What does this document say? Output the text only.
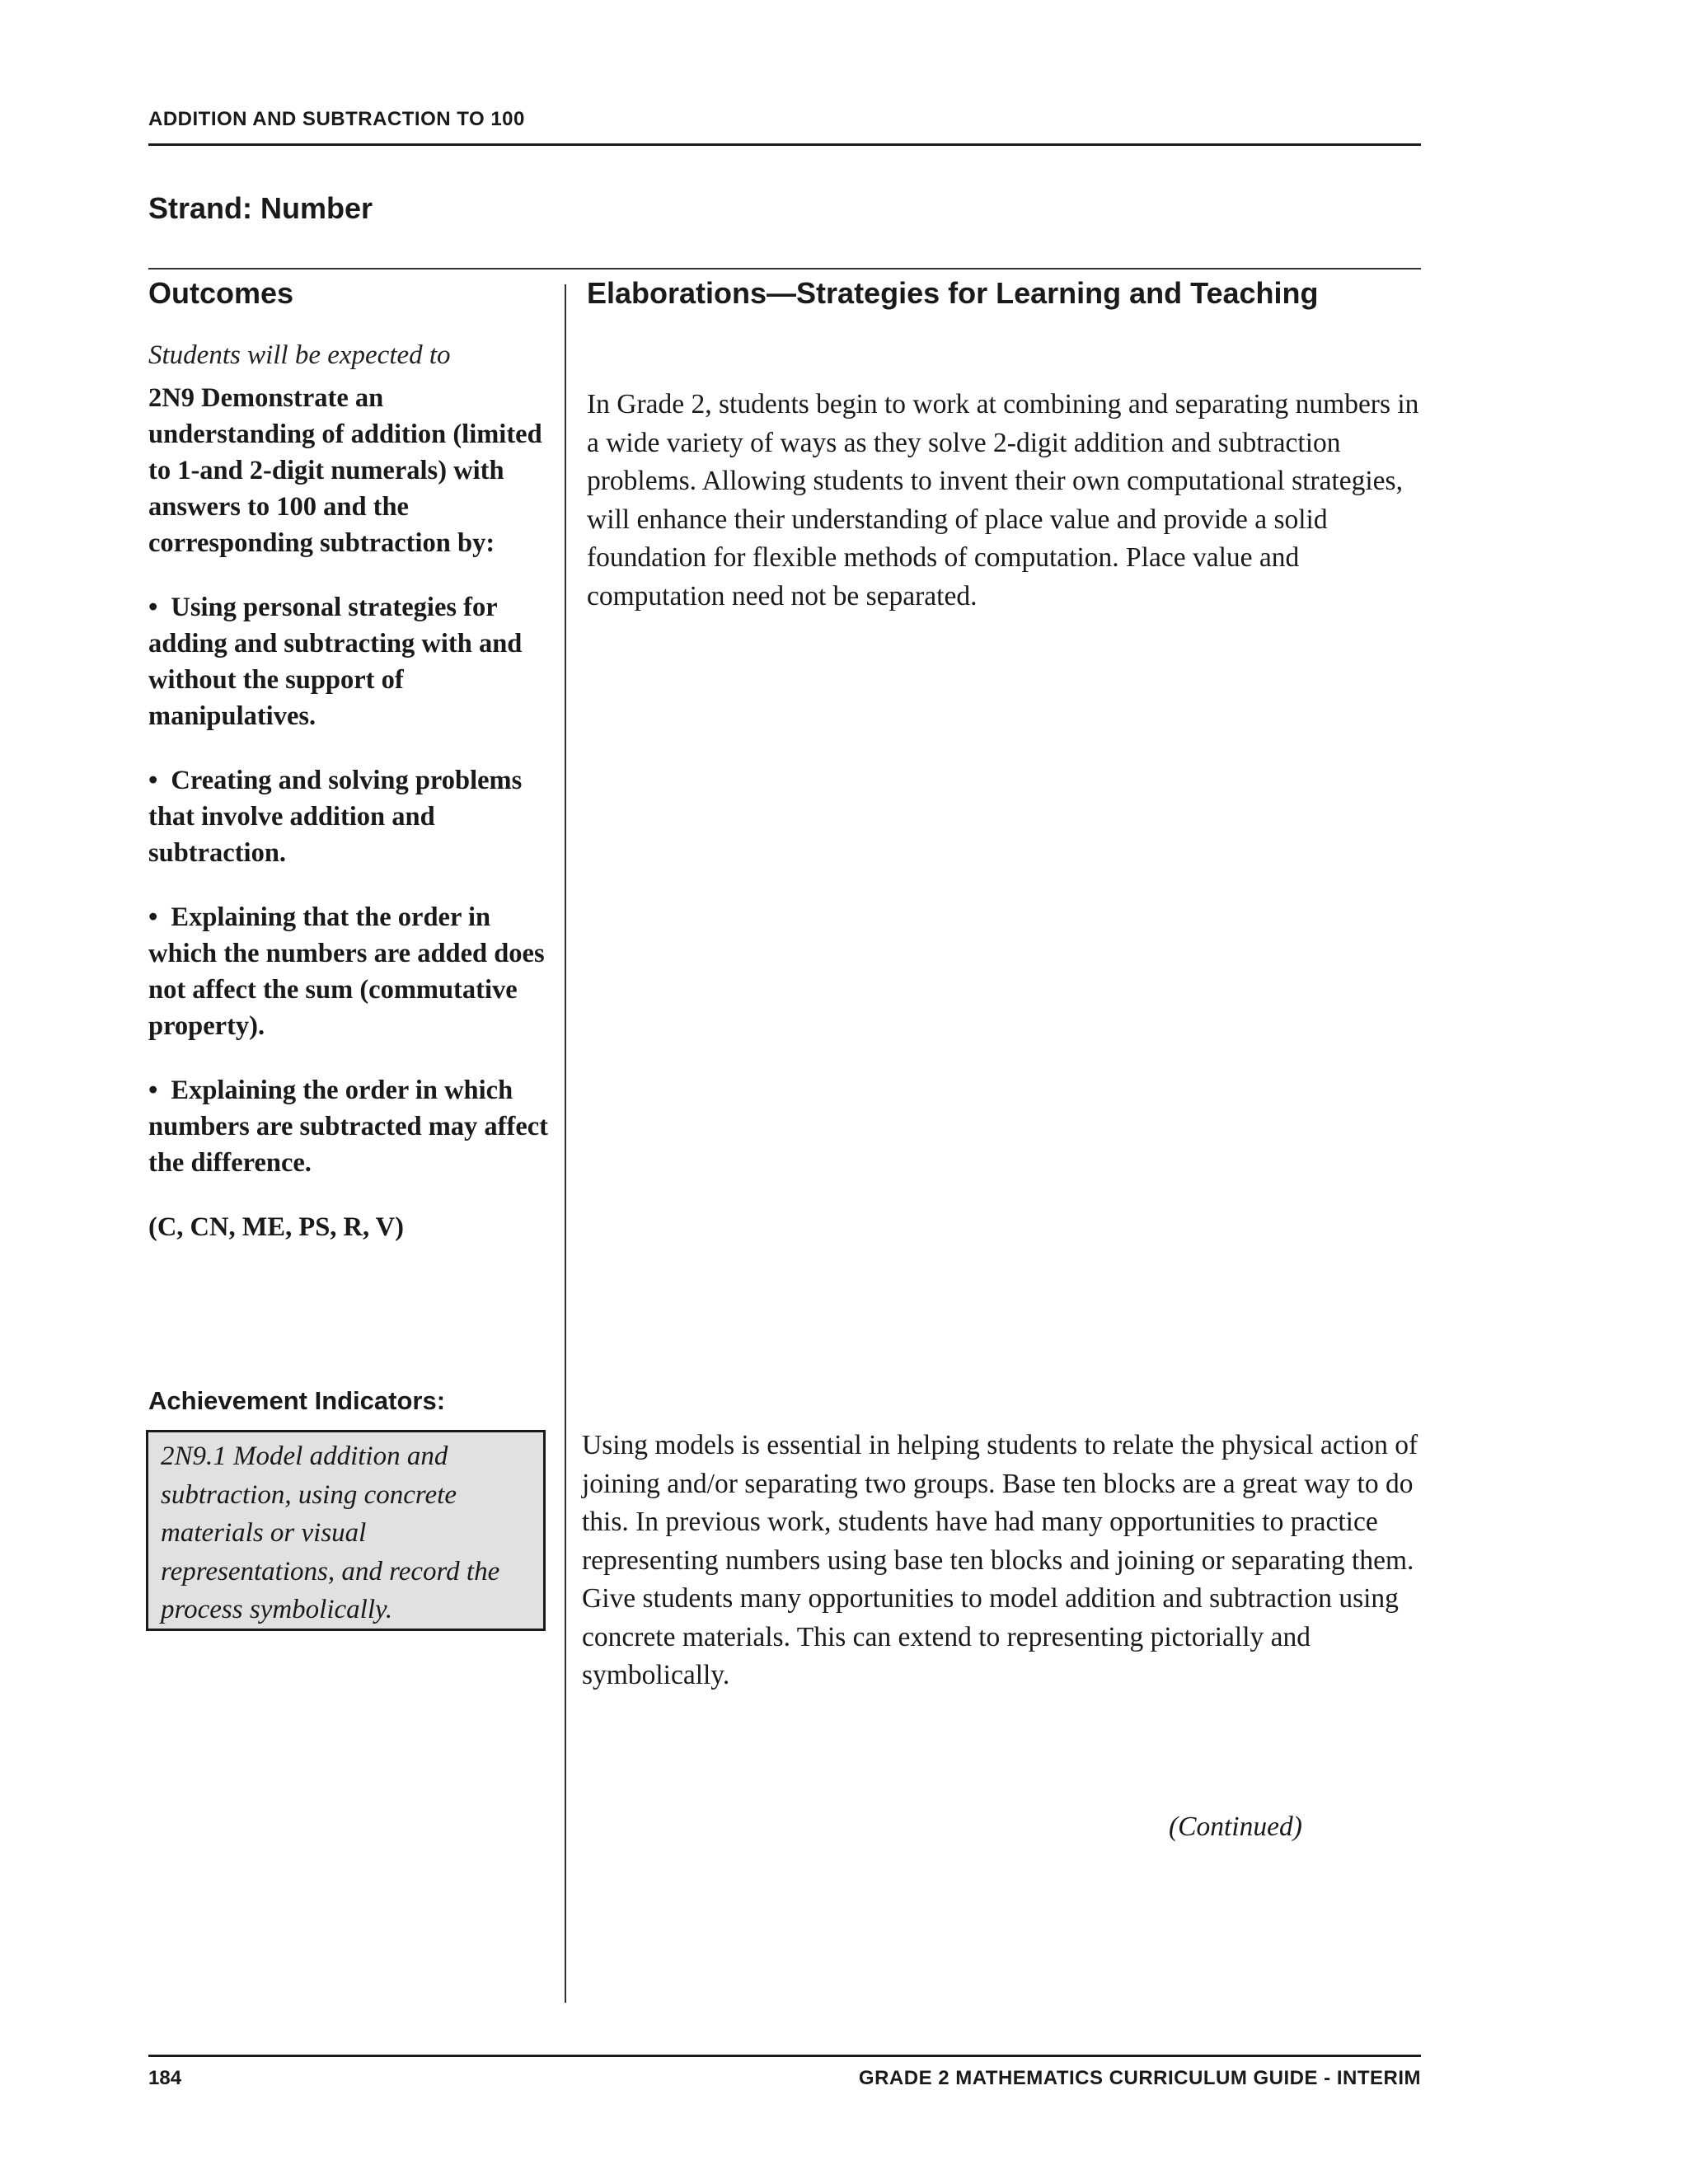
ADDITION AND SUBTRACTION TO 100
Strand: Number
Outcomes

Students will be expected to

2N9 Demonstrate an understanding of addition (limited to 1-and 2-digit numerals) with answers to 100 and the corresponding subtraction by:

• Using personal strategies for adding and subtracting with and without the support of manipulatives.

• Creating and solving problems that involve addition and subtraction.

• Explaining that the order in which the numbers are added does not affect the sum (commutative property).

• Explaining the order in which numbers are subtracted may affect the difference.

(C, CN, ME, PS, R, V)

Achievement Indicators:
2N9.1 Model addition and subtraction, using concrete materials or visual representations, and record the process symbolically.
Elaborations—Strategies for Learning and Teaching

In Grade 2, students begin to work at combining and separating numbers in a wide variety of ways as they solve 2-digit addition and subtraction problems. Allowing students to invent their own computational strategies, will enhance their understanding of place value and provide a solid foundation for flexible methods of computation. Place value and computation need not be separated.

Using models is essential in helping students to relate the physical action of joining and/or separating two groups. Base ten blocks are a great way to do this. In previous work, students have had many opportunities to practice representing numbers using base ten blocks and joining or separating them. Give students many opportunities to model addition and subtraction using concrete materials. This can extend to representing pictorially and symbolically.

(Continued)
184	GRADE 2 MATHEMATICS CURRICULUM GUIDE - INTERIM
